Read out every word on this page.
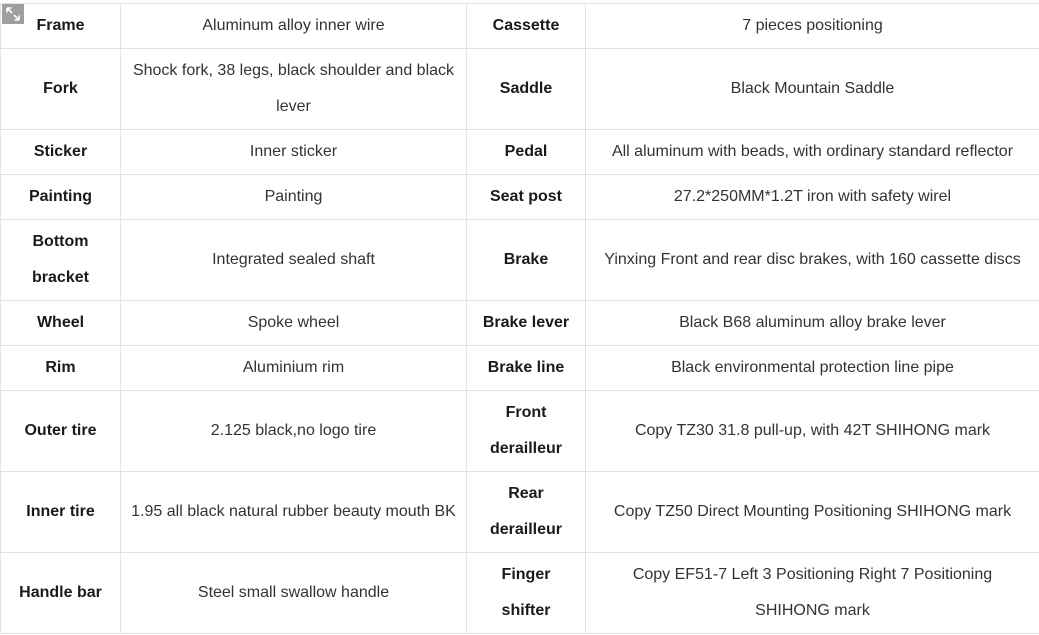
Frame	Aluminum alloy inner wire	Cassette	7 pieces positioning
Fork	Shock fork, 38 legs, black shoulder and black lever	Saddle	Black Mountain Saddle
Sticker	Inner sticker	Pedal	All aluminum with beads, with ordinary standard reflector
Painting	Painting	Seat post	27.2*250MM*1.2T iron with safety wirel
Bottom bracket	Integrated sealed shaft	Brake	Yinxing Front and rear disc brakes, with 160 cassette discs
Wheel	Spoke wheel	Brake lever	Black B68 aluminum alloy brake lever
Rim	Aluminium rim	Brake line	Black environmental protection line pipe
Outer tire	2.125 black,no logo tire	Front derailleur	Copy TZ30 31.8 pull-up, with 42T SHIHONG mark
Inner tire	1.95 all black natural rubber beauty mouth BK	Rear derailleur	Copy TZ50 Direct Mounting Positioning SHIHONG mark
Handle bar	Steel small swallow handle	Finger shifter	Copy EF51-7 Left 3 Positioning Right 7 Positioning SHIHONG mark
